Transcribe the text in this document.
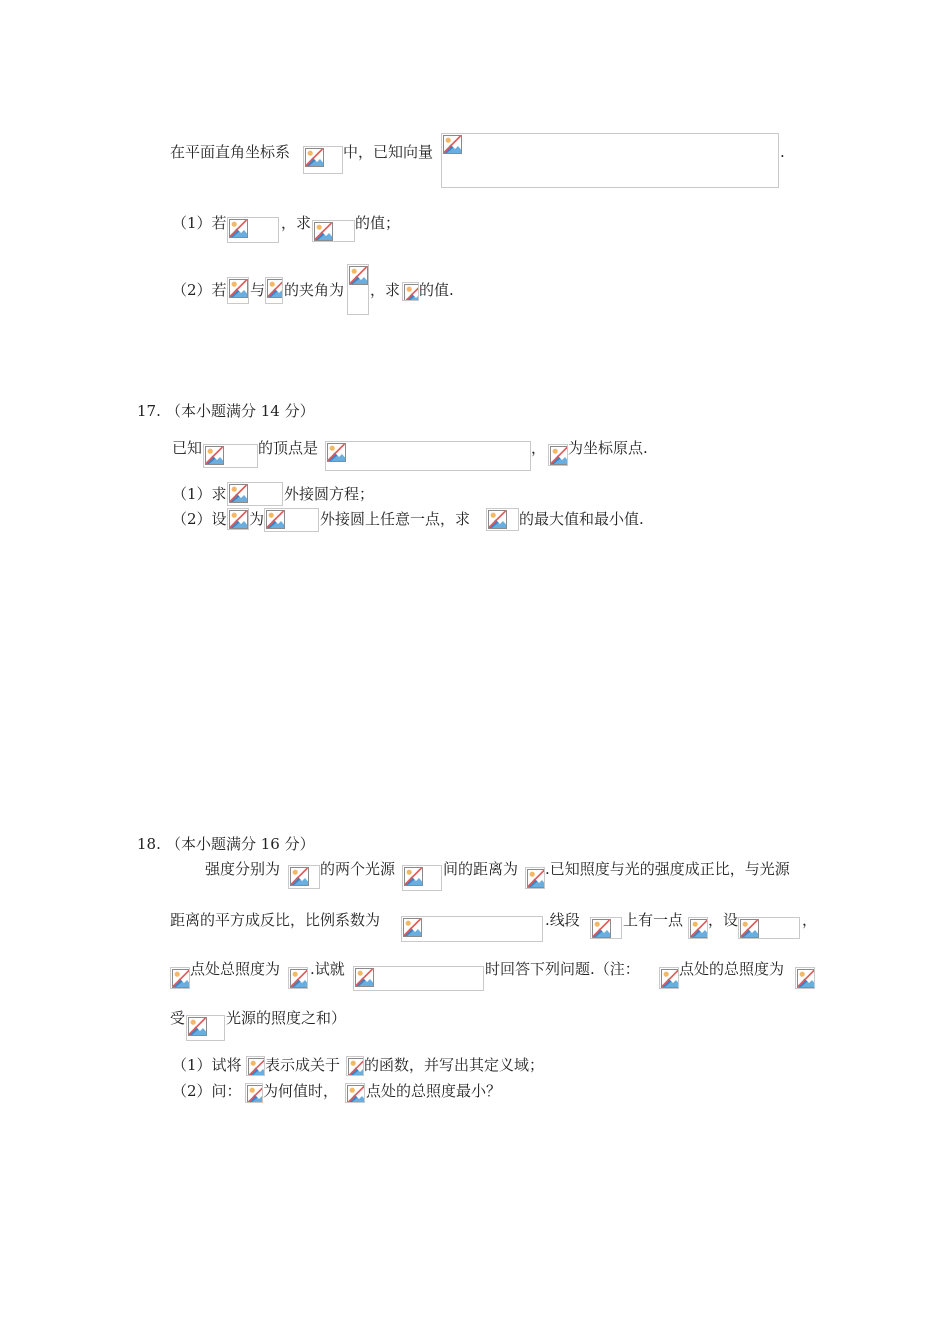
在平面直角坐标系	中，已知向量	.
（1）若	，求	的值；
（2）若 与 的夹角为 ，求 的值.
17. （本小题满分 14 分）
已知	的顶点是	， 为坐标原点.
（1）求	外接圆方程；
（2）设 为	外接圆上任意一点，求	的最大值和最小值.
18. （本小题满分 16 分）
强度分别为	的两个光源	间的距离为 .已知照度与光的强度成正比，与光源
距离的平方成反比，比例系数为	.线段	上有一点 ，设	，
点处总照度为 .试就	时回答下列问题.（注：	点处的总照度为
受	光源的照度之和）
（1）试将 表示成关于 的函数，并写出其定义域；
（2）问： 为何值时， 点处的总照度最小？
